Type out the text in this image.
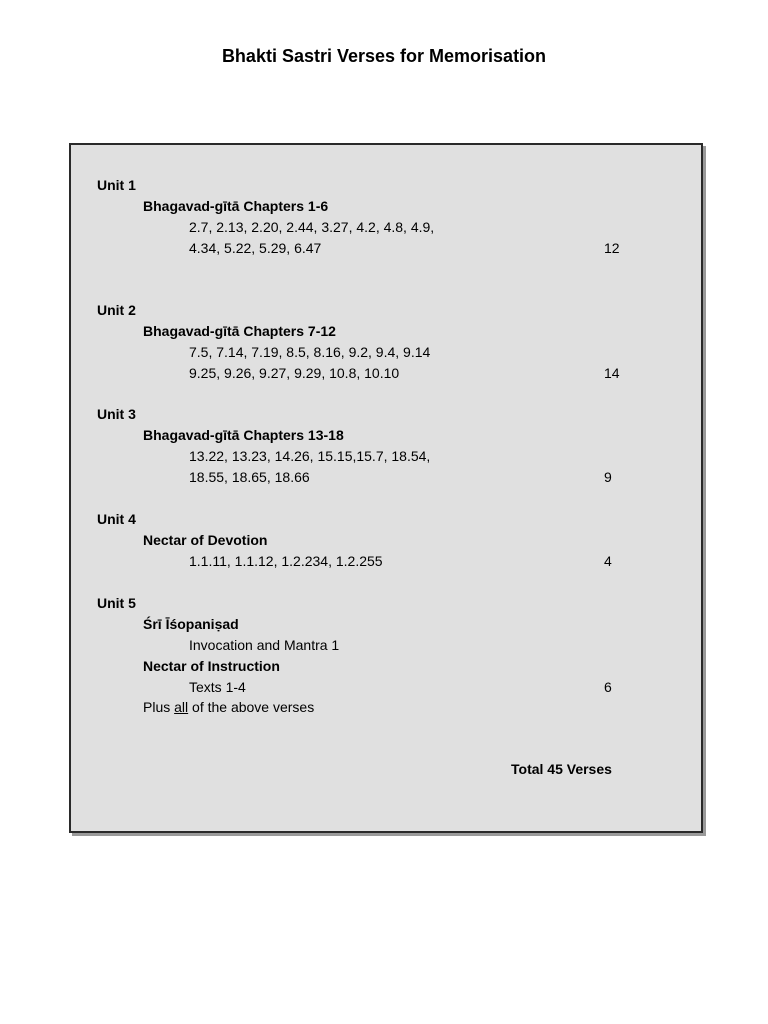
Bhakti Sastri Verses for Memorisation
Unit 1
Bhagavad-gītā Chapters 1-6
2.7, 2.13, 2.20, 2.44, 3.27, 4.2, 4.8, 4.9,
4.34, 5.22, 5.29, 6.47	12
Unit 2
Bhagavad-gītā Chapters 7-12
7.5, 7.14, 7.19, 8.5, 8.16, 9.2, 9.4, 9.14
9.25, 9.26, 9.27, 9.29, 10.8, 10.10	14
Unit 3
Bhagavad-gītā Chapters 13-18
13.22, 13.23, 14.26, 15.15,15.7, 18.54,
18.55, 18.65, 18.66	9
Unit 4
Nectar of Devotion
1.1.11, 1.1.12, 1.2.234, 1.2.255	4
Unit 5
Śrī Īśopaniṣad
Invocation and Mantra 1
Nectar of Instruction
Texts 1-4	6
Plus all of the above verses
Total 45 Verses
